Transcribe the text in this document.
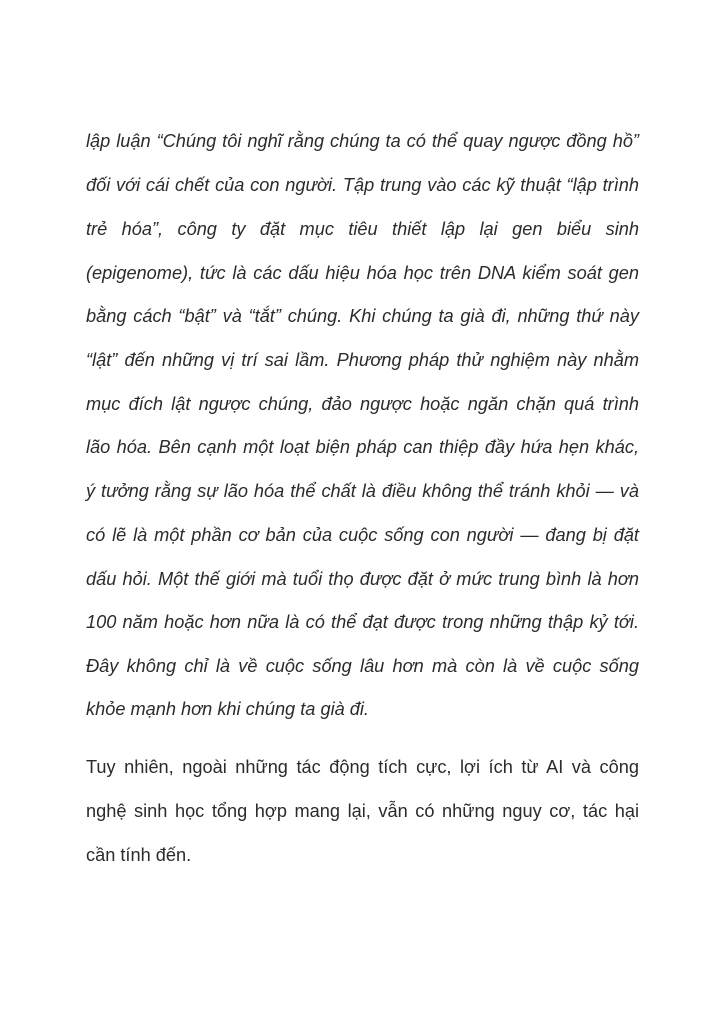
lập luận “Chúng tôi nghĩ rằng chúng ta có thể quay ngược đồng hồ”
đối với cái chết của con người. Tập trung vào các kỹ thuật “lập trình
trẻ hóa”, công ty đặt mục tiêu thiết lập lại gen biểu sinh
(epigenome), tức là các dấu hiệu hóa học trên DNA kiểm soát gen
bằng cách “bật” và “tắt” chúng. Khi chúng ta già đi, những thứ này
“lật” đến những vị trí sai lầm. Phương pháp thử nghiệm này nhằm
mục đích lật ngược chúng, đảo ngược hoặc ngăn chặn quá trình
lão hóa. Bên cạnh một loạt biện pháp can thiệp đầy hứa hẹn khác,
ý tưởng rằng sự lão hóa thể chất là điều không thể tránh khỏi — và
có lẽ là một phần cơ bản của cuộc sống con người — đang bị đặt
dấu hỏi. Một thế giới mà tuổi thọ được đặt ở mức trung bình là hơn
100 năm hoặc hơn nữa là có thể đạt được trong những thập kỷ tới.
Đây không chỉ là về cuộc sống lâu hơn mà còn là về cuộc sống
khỏe mạnh hơn khi chúng ta già đi.
Tuy nhiên, ngoài những tác động tích cực, lợi ích từ AI và công
nghệ sinh học tổng hợp mang lại, vẫn có những nguy cơ, tác hại
cần tính đến.
